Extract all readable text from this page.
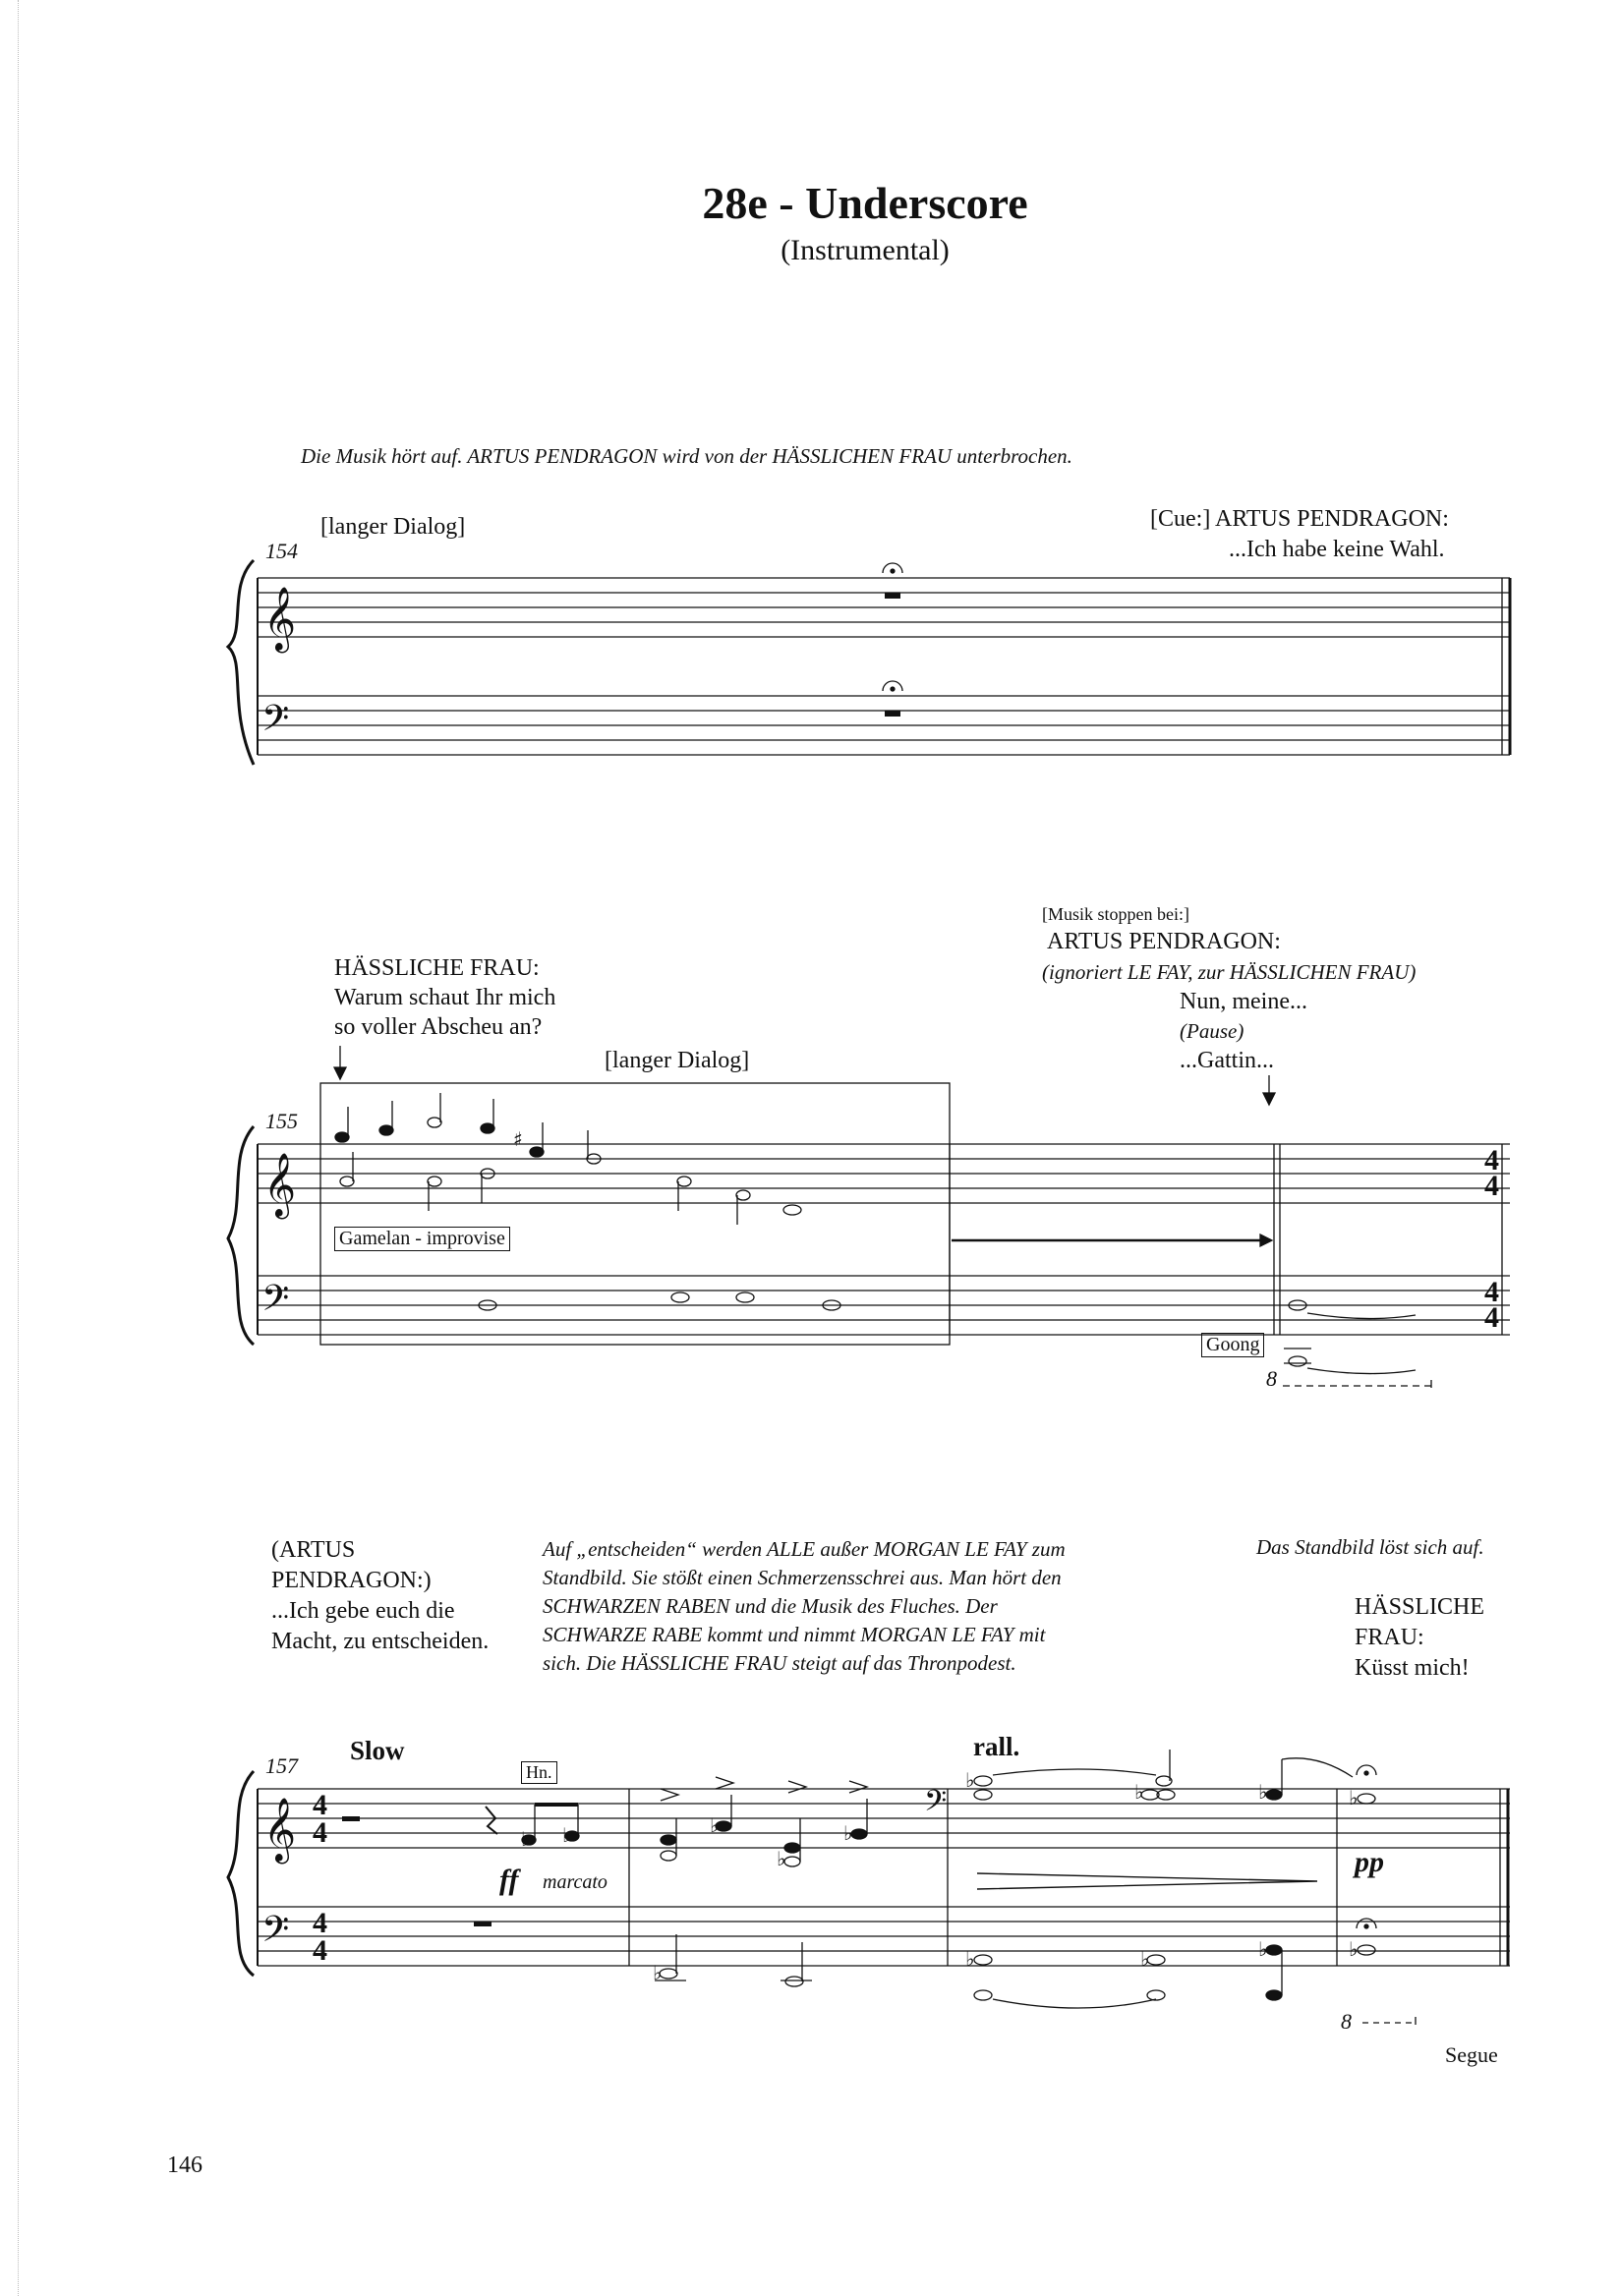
28e - Underscore
(Instrumental)
Die Musik hört auf. ARTUS PENDRAGON wird von der HÄSSLICHEN FRAU unterbrochen.
[langer Dialog]	[Cue:] ARTUS PENDRAGON:
...Ich habe keine Wahl.
154
HÄSSLICHE FRAU:
Warum schaut Ihr mich
so voller Abscheu an?
[langer Dialog]
155
[Musik stoppen bei:]
ARTUS PENDRAGON:
(ignoriert LE FAY, zur HÄSSLICHEN FRAU)
Nun, meine...
(Pause)
...Gattin...
Gamelan - improvise
Goong
8
(ARTUS
PENDRAGON:)
...Ich gebe euch die
Macht, zu entscheiden.
Auf „entscheiden“ werden ALLE außer MORGAN LE FAY zum
Standbild. Sie stößt einen Schmerzensschrei aus. Man hört den
SCHWARZEN RABEN und die Musik des Fluches. Der
SCHWARZE RABE kommt und nimmt MORGAN LE FAY mit
sich. Die HÄSSLICHE FRAU steigt auf das Thronpodest.
Das Standbild löst sich auf.
HÄSSLICHE
FRAU:
Küsst mich!
Slow
157	Hn.
ff marcato
rall.
pp
8
Segue
146
𝄞
𝄢
𝄞
𝄢
𝄞
𝄢
𝄢
4
4
4
4
4
4
4
4
♭ ♭	♭
♭
♭
♭	♭	♭	♭
♭
♭	♭	♭	♭
♯
